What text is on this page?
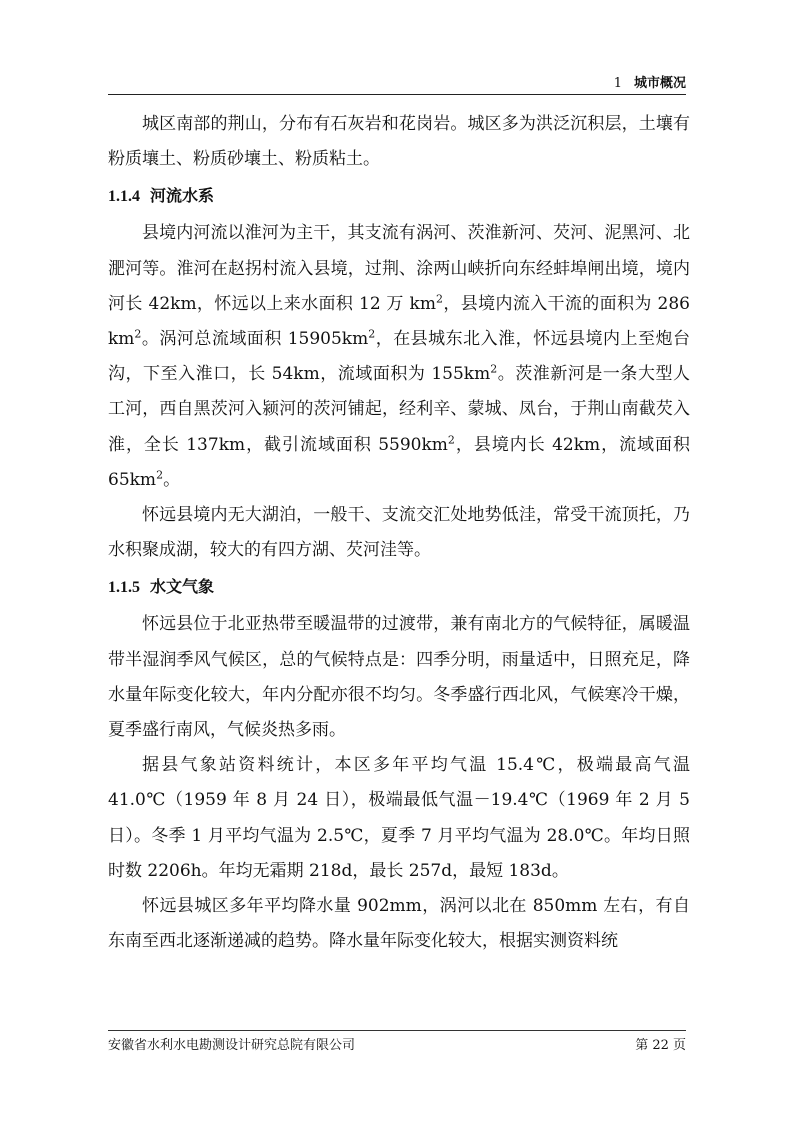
1 城市概况

城区南部的荆山，分布有石灰岩和花岗岩。城区多为洪泛沉积层，土壤有粉质壤土、粉质砂壤土、粉质粘土。

1.1.4 河流水系

县境内河流以淮河为主干，其支流有涡河、茨淮新河、芡河、泥黑河、北淝河等。淮河在赵拐村流入县境，过荆、涂两山峡折向东经蚌埠闸出境，境内河长 42km，怀远以上来水面积 12 万 $km^2$，县境内流入干流的面积为 286 $km^2$。涡河总流域面积 $15905km^2$，在县城东北入淮，怀远县境内上至炮台沟，下至入淮口，长 54km，流域面积为 $155km^2$。茨淮新河是一条大型人工河，西自黑茨河入颍河的茨河铺起，经利辛、蒙城、凤台，于荆山南截芡入淮，全长 137km，截引流域面积 $5590km^2$，县境内长 42km，流域面积 $65km^2$。

怀远县境内无大湖泊，一般干、支流交汇处地势低洼，常受干流顶托，乃水积聚成湖，较大的有四方湖、芡河洼等。

1.1.5 水文气象

怀远县位于北亚热带至暖温带的过渡带，兼有南北方的气候特征，属暖温带半湿润季风气候区，总的气候特点是：四季分明，雨量适中，日照充足，降水量年际变化较大，年内分配亦很不均匀。冬季盛行西北风，气候寒冷干燥，夏季盛行南风，气候炎热多雨。

据县气象站资料统计，本区多年平均气温 15.4℃，极端最高气温 41.0℃（1959 年 8 月 24 日），极端最低气温－19.4℃（1969 年 2 月 5 日）。冬季 1 月平均气温为 2.5℃，夏季 7 月平均气温为 28.0℃。年均日照时数 2206h。年均无霜期 218d，最长 257d，最短 183d。

怀远县城区多年平均降水量 902mm，涡河以北在 850mm 左右，有自东南至西北逐渐递减的趋势。降水量年际变化较大，根据实测资料统

安徽省水利水电勘测设计研究总院有限公司	第 22 页
